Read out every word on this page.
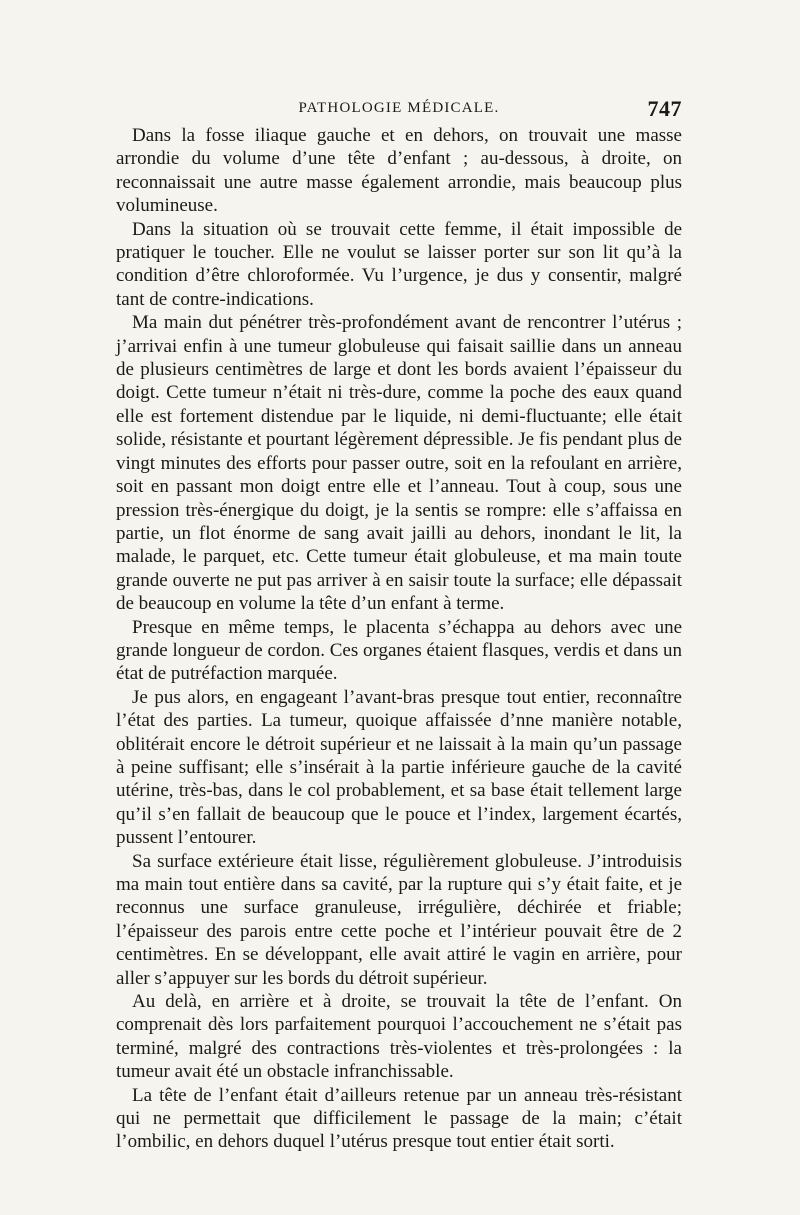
PATHOLOGIE MÉDICALE.	747

Dans la fosse iliaque gauche et en dehors, on trouvait une masse arrondie du volume d’une tête d’enfant ; au-dessous, à droite, on reconnaissait une autre masse également arrondie, mais beaucoup plus volumineuse.

Dans la situation où se trouvait cette femme, il était impossible de pratiquer le toucher. Elle ne voulut se laisser porter sur son lit qu’à la condition d’être chloroformée. Vu l’urgence, je dus y consentir, malgré tant de contre-indications.

Ma main dut pénétrer très-profondément avant de rencontrer l’utérus ; j’arrivai enfin à une tumeur globuleuse qui faisait saillie dans un anneau de plusieurs centimètres de large et dont les bords avaient l’épaisseur du doigt. Cette tumeur n’était ni très-dure, comme la poche des eaux quand elle est fortement distendue par le liquide, ni demi-fluctuante; elle était solide, résistante et pourtant légèrement dépressible. Je fis pendant plus de vingt minutes des efforts pour passer outre, soit en la refoulant en arrière, soit en passant mon doigt entre elle et l’anneau. Tout à coup, sous une pression très-énergique du doigt, je la sentis se rompre: elle s’affaissa en partie, un flot énorme de sang avait jailli au dehors, inondant le lit, la malade, le parquet, etc. Cette tumeur était globuleuse, et ma main toute grande ouverte ne put pas arriver à en saisir toute la surface; elle dépassait de beaucoup en volume la tête d’un enfant à terme.

Presque en même temps, le placenta s’échappa au dehors avec une grande longueur de cordon. Ces organes étaient flasques, verdis et dans un état de putréfaction marquée.

Je pus alors, en engageant l’avant-bras presque tout entier, reconnaître l’état des parties. La tumeur, quoique affaissée d’nne manière notable, oblitérait encore le détroit supérieur et ne laissait à la main qu’un passage à peine suffisant; elle s’insérait à la partie inférieure gauche de la cavité utérine, très-bas, dans le col probablement, et sa base était tellement large qu’il s’en fallait de beaucoup que le pouce et l’index, largement écartés, pussent l’entourer.

Sa surface extérieure était lisse, régulièrement globuleuse. J’introduisis ma main tout entière dans sa cavité, par la rupture qui s’y était faite, et je reconnus une surface granuleuse, irrégulière, déchirée et friable; l’épaisseur des parois entre cette poche et l’intérieur pouvait être de 2 centimètres. En se développant, elle avait attiré le vagin en arrière, pour aller s’appuyer sur les bords du détroit supérieur.

Au delà, en arrière et à droite, se trouvait la tête de l’enfant. On comprenait dès lors parfaitement pourquoi l’accouchement ne s’était pas terminé, malgré des contractions très-violentes et très-prolongées : la tumeur avait été un obstacle infranchissable.

La tête de l’enfant était d’ailleurs retenue par un anneau très-résistant qui ne permettait que difficilement le passage de la main; c’était l’ombilic, en dehors duquel l’utérus presque tout entier était sorti.
